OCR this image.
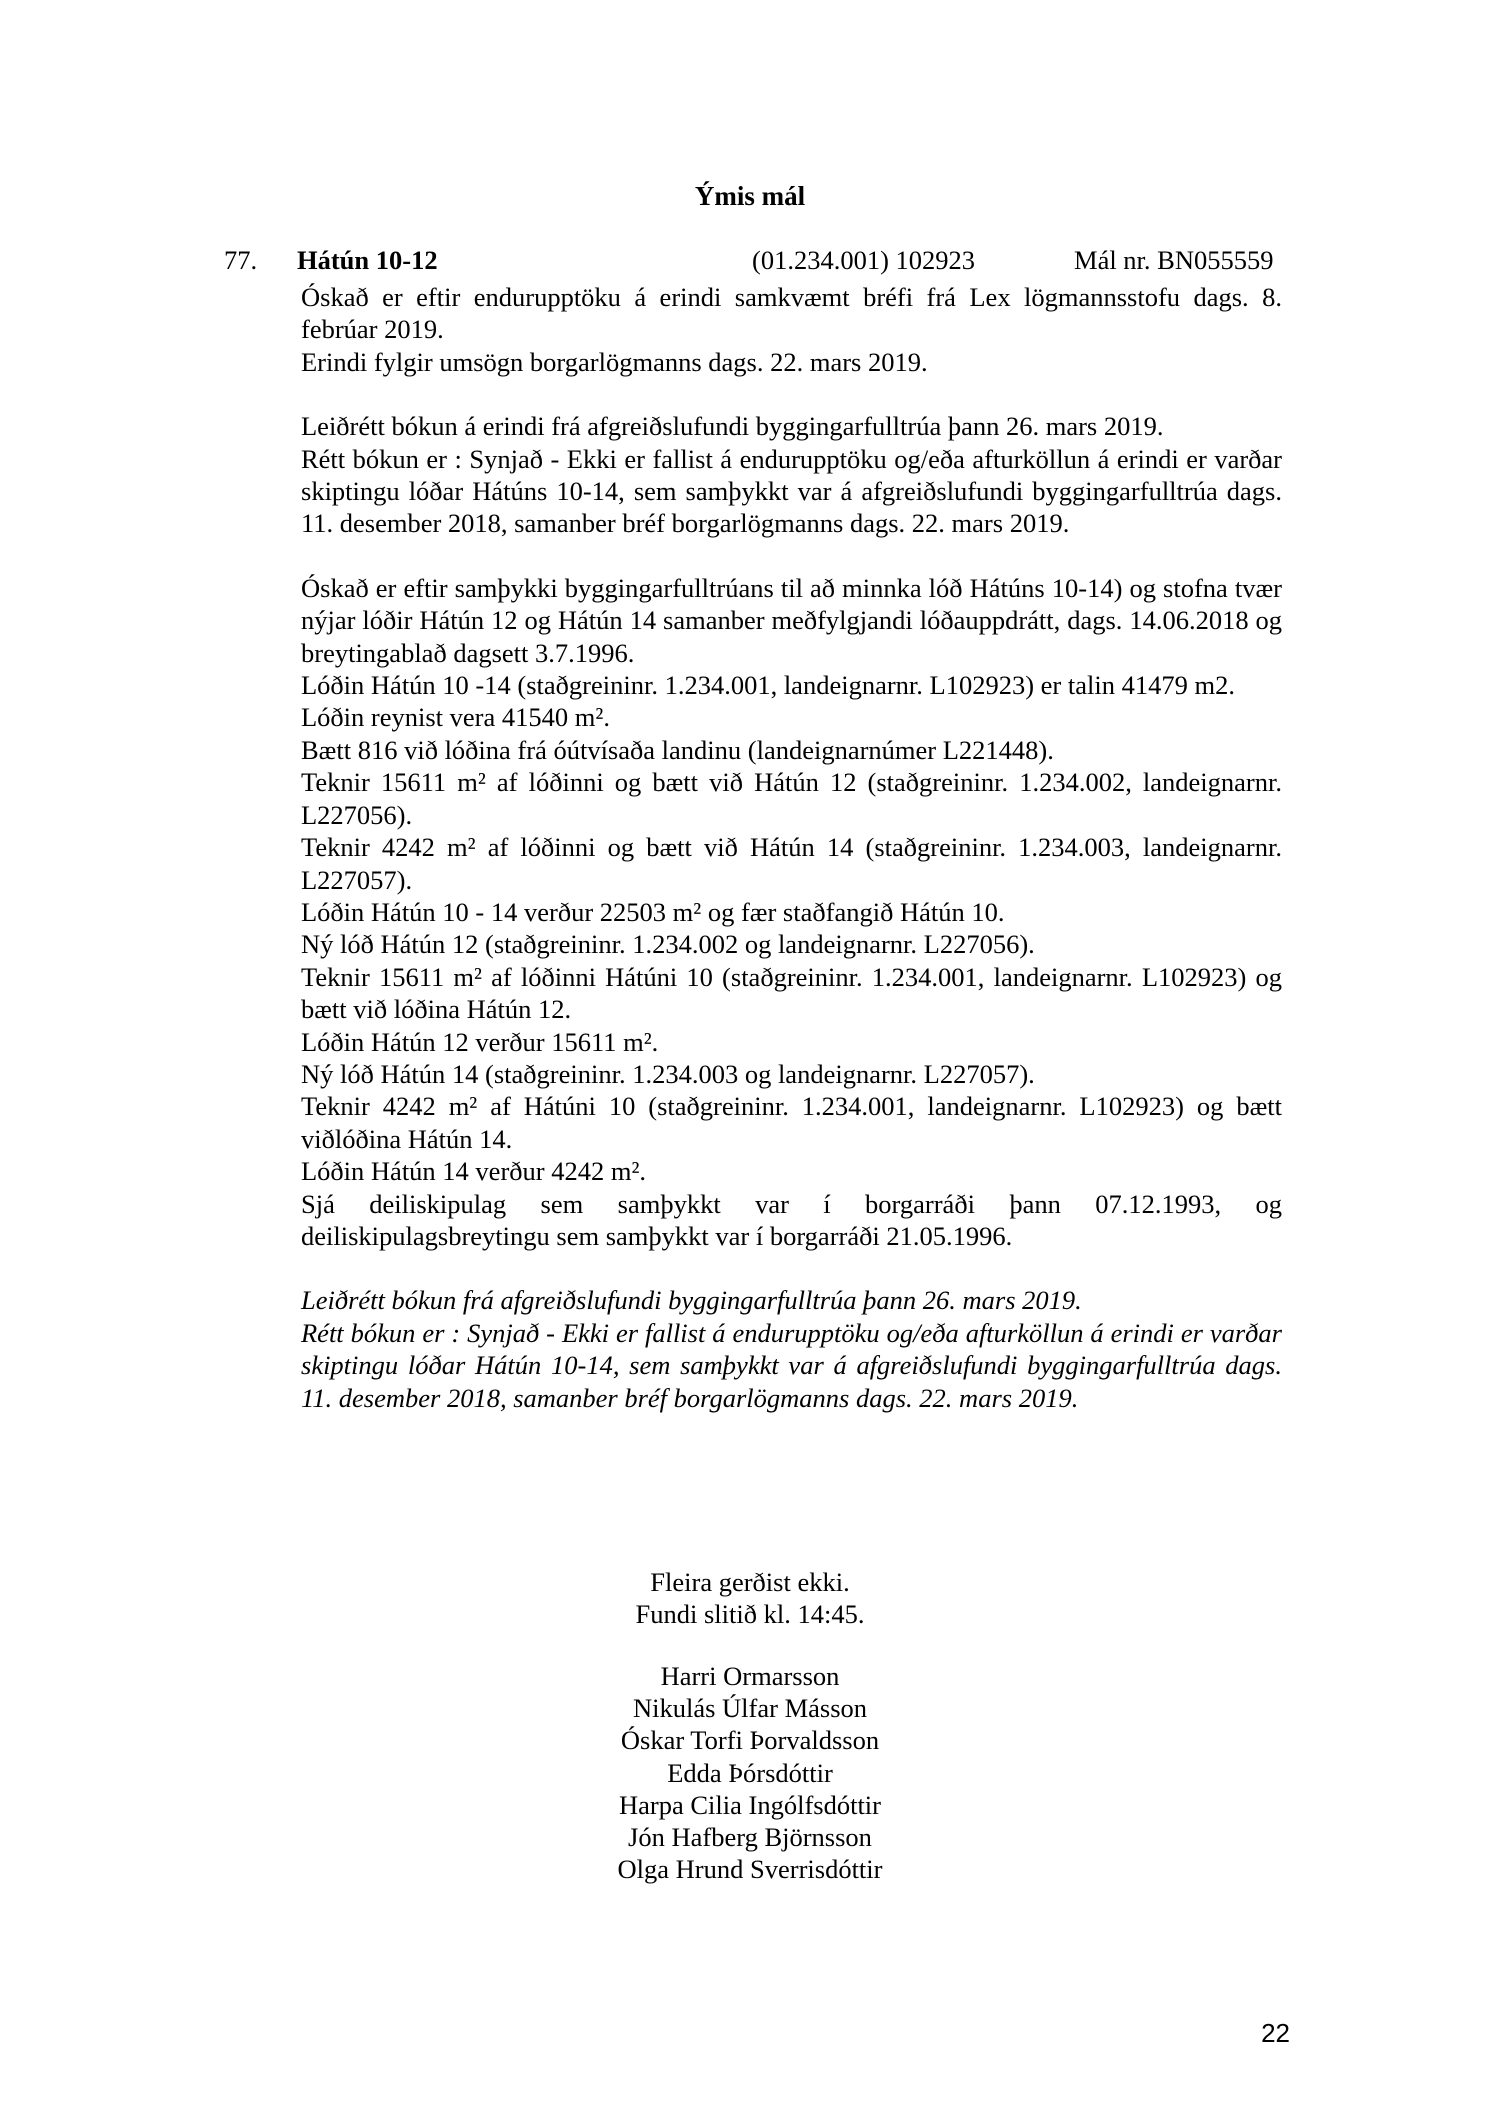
Ýmis mál
77. Hátún 10-12	(01.234.001) 102923	Mál nr. BN055559

Óskað er eftir endurupptöku á erindi samkvæmt bréfi frá Lex lögmannsstofu dags. 8. febrúar 2019.

Erindi fylgir umsögn borgarlögmanns dags. 22. mars 2019.

Leiðrétt bókun á erindi frá afgreiðslufundi byggingarfulltrúa þann 26. mars 2019.

Rétt bókun er : Synjað - Ekki er fallist á endurupptöku og/eða afturköllun á erindi er varðar skiptingu lóðar Hátúns 10-14, sem samþykkt var á afgreiðslufundi byggingarfulltrúa dags. 11. desember 2018, samanber bréf borgarlögmanns dags. 22. mars 2019.

Óskað er eftir samþykki byggingarfulltrúans til að minnka lóð Hátúns 10-14) og stofna tvær nýjar lóðir Hátún 12 og Hátún 14 samanber meðfylgjandi lóðauppdrátt, dags. 14.06.2018 og breytingablað dagsett 3.7.1996.

Lóðin Hátún 10 -14 (staðgreininr. 1.234.001, landeignarnr. L102923) er talin 41479 m2.

Lóðin reynist vera 41540 m².

Bætt 816 við lóðina frá óútvísaða landinu (landeignarnúmer L221448).

Teknir 15611 m² af lóðinni og bætt við Hátún 12 (staðgreininr. 1.234.002, landeignarnr. L227056).

Teknir 4242 m² af lóðinni og bætt við Hátún 14 (staðgreininr. 1.234.003, landeignarnr. L227057).

Lóðin Hátún 10 - 14 verður 22503 m² og fær staðfangið Hátún 10.

Ný lóð Hátún 12 (staðgreininr. 1.234.002 og landeignarnr. L227056).

Teknir 15611 m² af lóðinni Hátúni 10 (staðgreininr. 1.234.001, landeignarnr. L102923) og bætt við lóðina Hátún 12.

Lóðin Hátún 12 verður 15611 m².

Ný lóð Hátún 14 (staðgreininr. 1.234.003 og landeignarnr. L227057).

Teknir 4242 m² af Hátúni 10 (staðgreininr. 1.234.001, landeignarnr. L102923) og bætt viðlóðina Hátún 14.

Lóðin Hátún 14 verður 4242 m².

Sjá deiliskipulag sem samþykkt var í borgarráði þann 07.12.1993, og deiliskipulagsbreytingu sem samþykkt var í borgarráði 21.05.1996.

Leiðrétt bókun frá afgreiðslufundi byggingarfulltrúa þann 26. mars 2019.

Rétt bókun er : Synjað - Ekki er fallist á endurupptöku og/eða afturköllun á erindi er varðar skiptingu lóðar Hátún 10-14, sem samþykkt var á afgreiðslufundi byggingarfulltrúa dags. 11. desember 2018, samanber bréf borgarlögmanns dags. 22. mars 2019.

Fleira gerðist ekki.
Fundi slitið kl. 14:45.
Harri Ormarsson
Nikulás Úlfar Másson
Óskar Torfi Þorvaldsson
Edda Þórsdóttir
Harpa Cilia Ingólfsdóttir
Jón Hafberg Björnsson
Olga Hrund Sverrisdóttir
22
